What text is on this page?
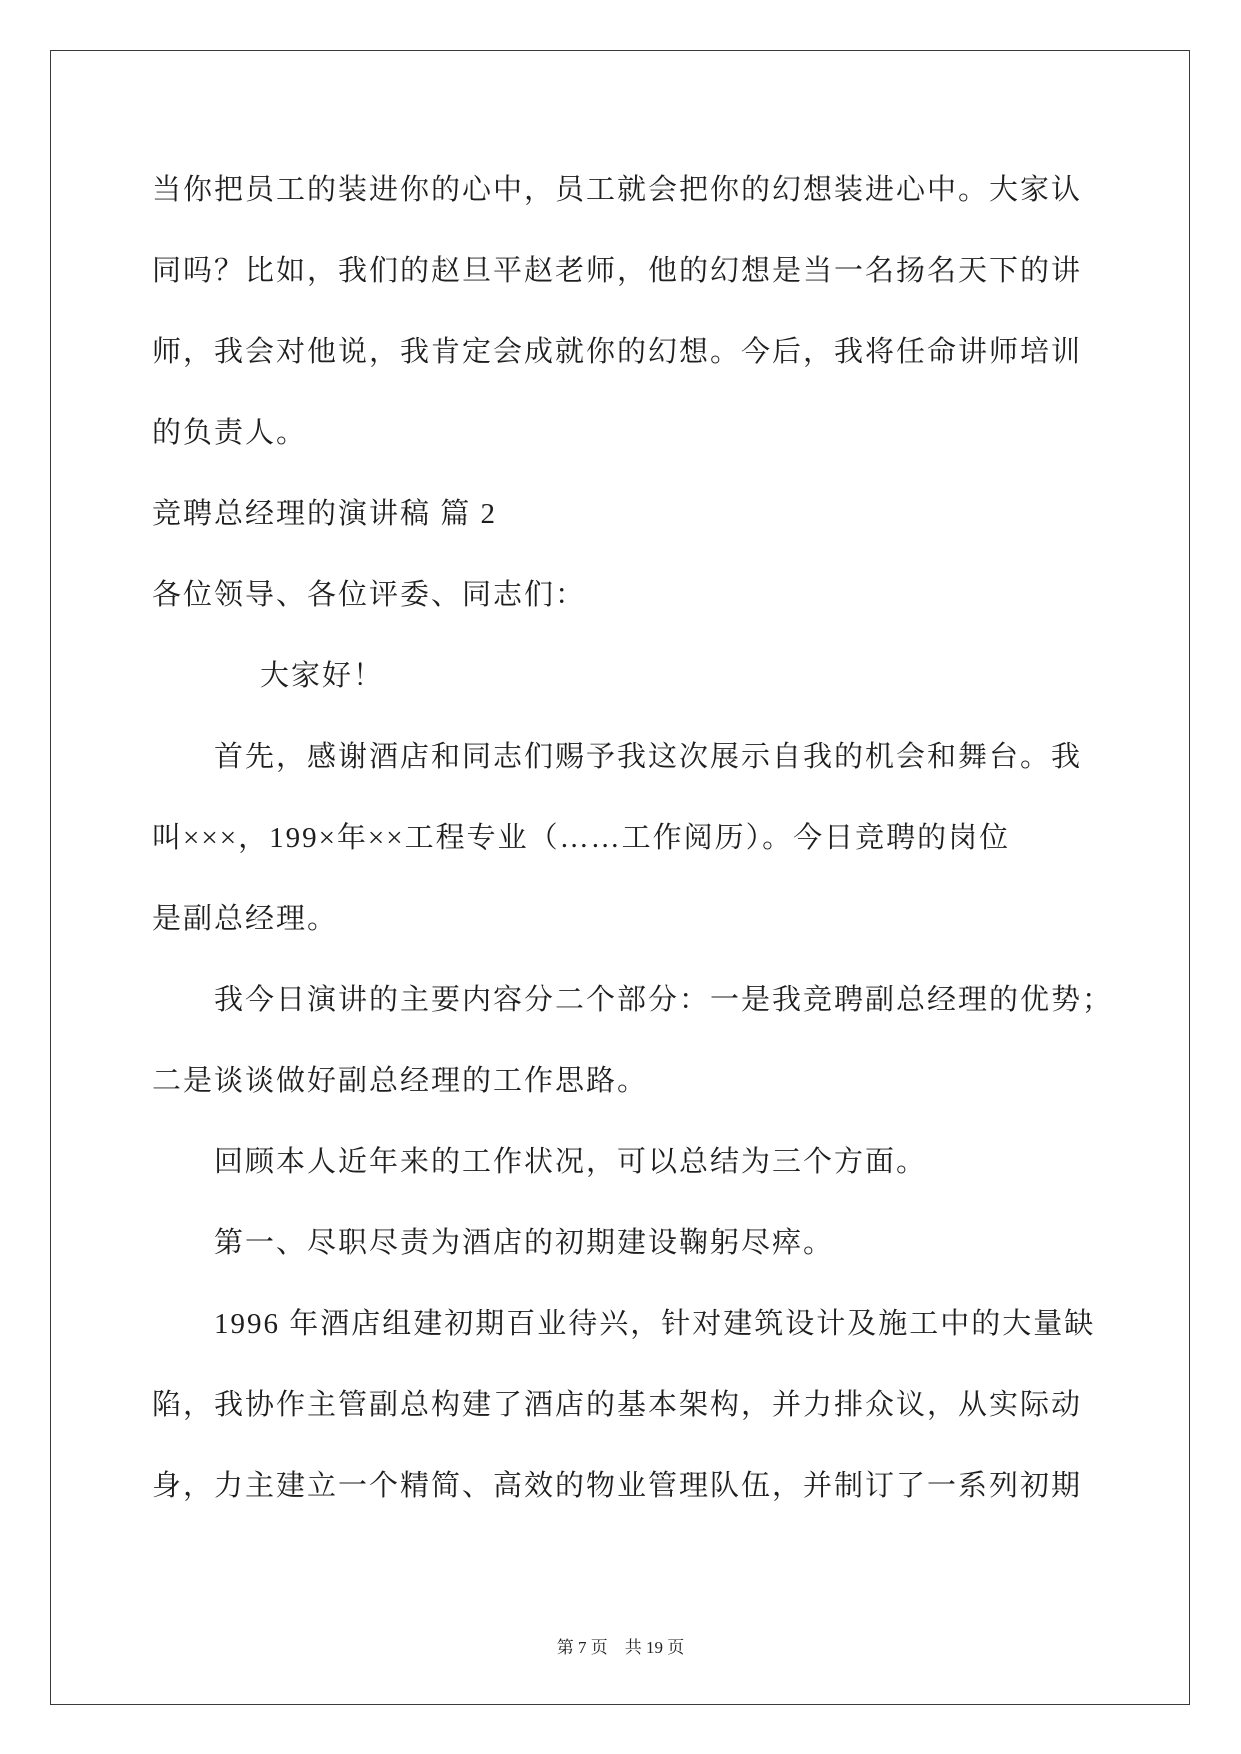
当你把员工的装进你的心中，员工就会把你的幻想装进心中。大家认
同吗？比如，我们的赵旦平赵老师，他的幻想是当一名扬名天下的讲
师，我会对他说，我肯定会成就你的幻想。今后，我将任命讲师培训
的负责人。
竞聘总经理的演讲稿 篇 2
各位领导、各位评委、同志们：
大家好！
首先，感谢酒店和同志们赐予我这次展示自我的机会和舞台。我
叫×××，199×年××工程专业（……工作阅历）。今日竞聘的岗位
是副总经理。
我今日演讲的主要内容分二个部分：一是我竞聘副总经理的优势；
二是谈谈做好副总经理的工作思路。
回顾本人近年来的工作状况，可以总结为三个方面。
第一、尽职尽责为酒店的初期建设鞠躬尽瘁。
1996 年酒店组建初期百业待兴，针对建筑设计及施工中的大量缺
陷，我协作主管副总构建了酒店的基本架构，并力排众议，从实际动
身，力主建立一个精简、高效的物业管理队伍，并制订了一系列初期
第 7 页　共 19 页
